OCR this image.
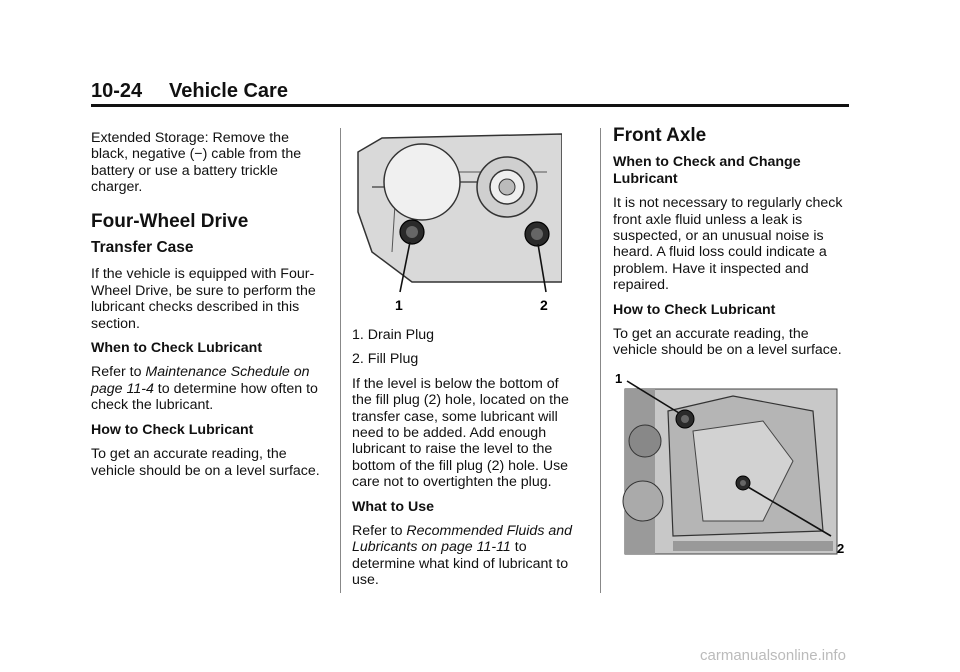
10-24 Vehicle Care

Extended Storage: Remove the black, negative (−) cable from the battery or use a battery trickle charger.

Four-Wheel Drive
Transfer Case

If the vehicle is equipped with Four-Wheel Drive, be sure to perform the lubricant checks described in this section.

When to Check Lubricant

Refer to Maintenance Schedule on page 11-4 to determine how often to check the lubricant.

How to Check Lubricant

To get an accurate reading, the vehicle should be on a level surface.

1	2

1. Drain Plug

2. Fill Plug

If the level is below the bottom of the fill plug (2) hole, located on the transfer case, some lubricant will need to be added. Add enough lubricant to raise the level to the bottom of the fill plug (2) hole. Use care not to overtighten the plug.

What to Use

Refer to Recommended Fluids and Lubricants on page 11-11 to determine what kind of lubricant to use.

Front Axle

When to Check and Change Lubricant

It is not necessary to regularly check front axle fluid unless a leak is suspected, or an unusual noise is heard. A fluid loss could indicate a problem. Have it inspected and repaired.

How to Check Lubricant

To get an accurate reading, the vehicle should be on a level surface.

1
2
carmanualsonline.info
